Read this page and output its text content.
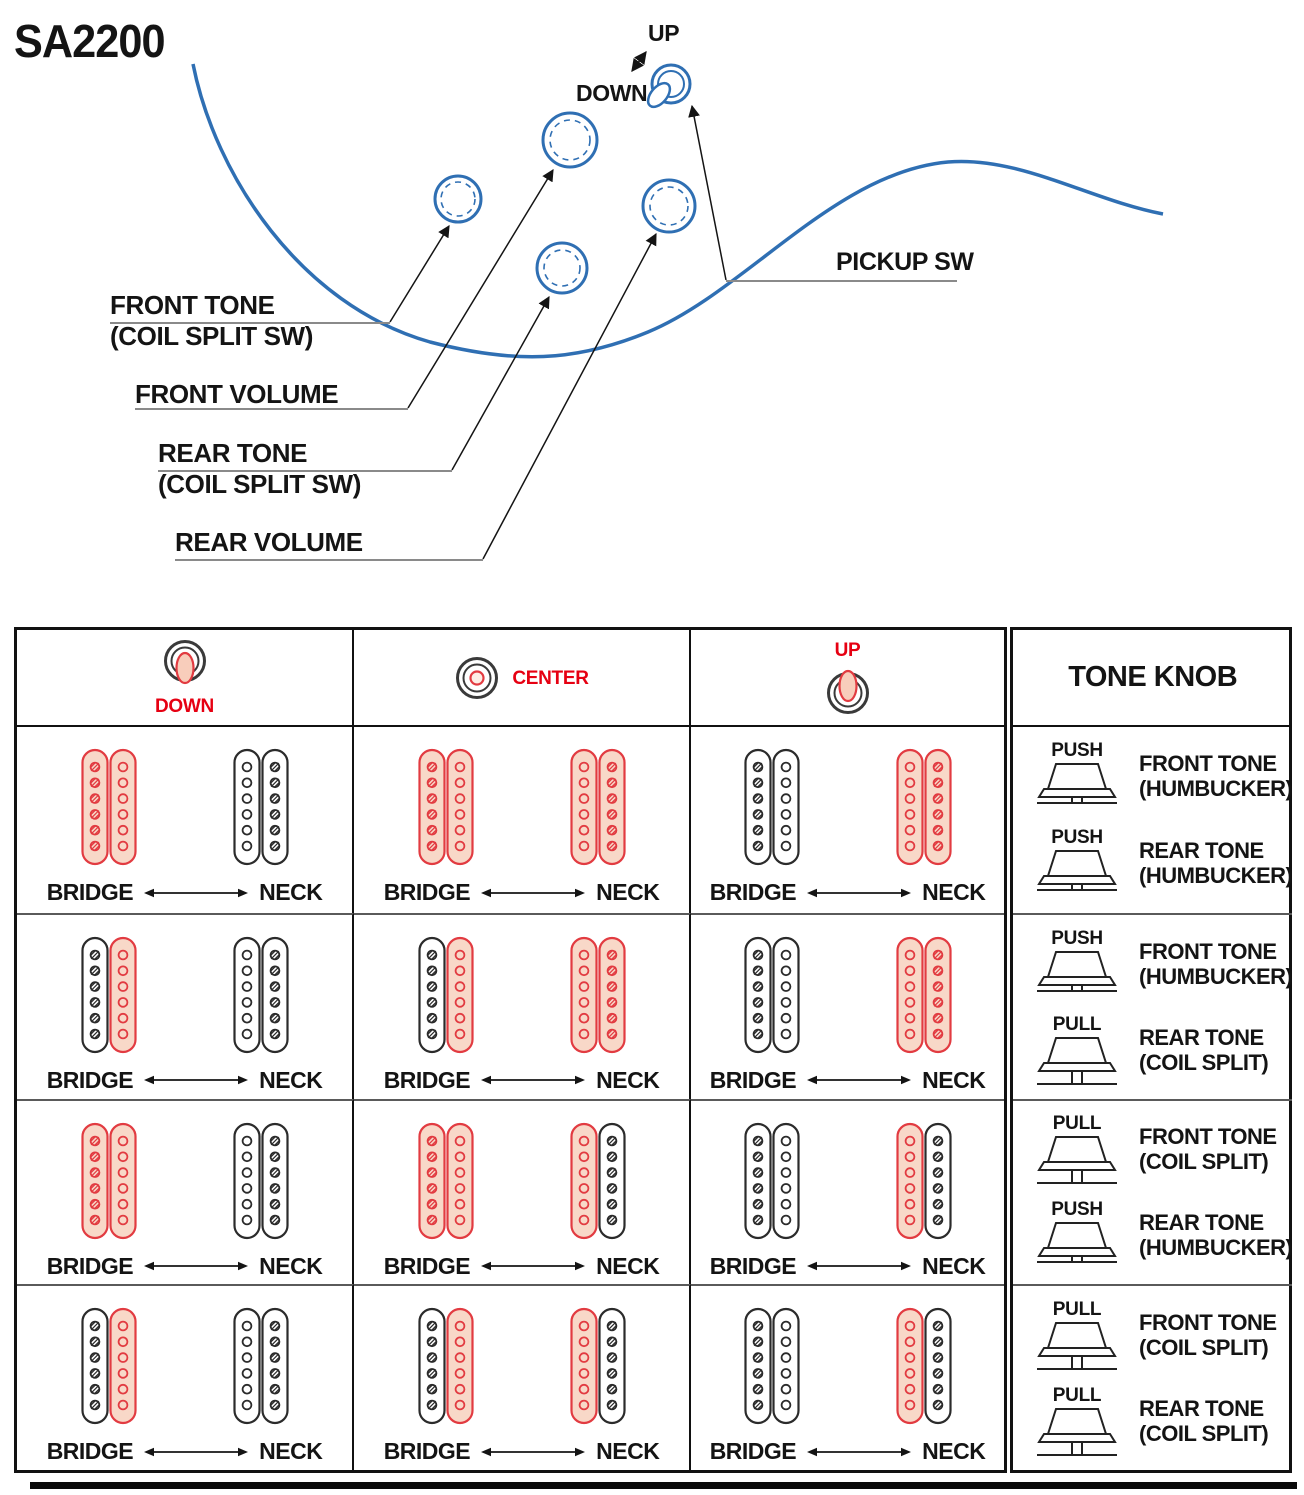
SA2200	UP
DOWN
PICKUP SW
FRONT TONE
(COIL SPLIT SW)
FRONT VOLUME
REAR TONE
(COIL SPLIT SW)
REAR VOLUME
DOWN
CENTER
UP
BRIDGE	NECK	BRIDGE	NECK BRIDGE	NECK
BRIDGE	NECK	BRIDGE	NECK BRIDGE	NECK
BRIDGE	NECK	BRIDGE	NECK BRIDGE	NECK
BRIDGE	NECK	BRIDGE	NECK BRIDGE	NECK
TONE KNOB
PUSH
FRONT TONE
(HUMBUCKER)
PUSH
REAR TONE
(HUMBUCKER)
PUSH
FRONT TONE
(HUMBUCKER)
PULL
REAR TONE
(COIL SPLIT)
PULL
FRONT TONE
(COIL SPLIT)
PUSH
REAR TONE
(HUMBUCKER)
PULL
FRONT TONE
(COIL SPLIT)
PULL
REAR TONE
(COIL SPLIT)
